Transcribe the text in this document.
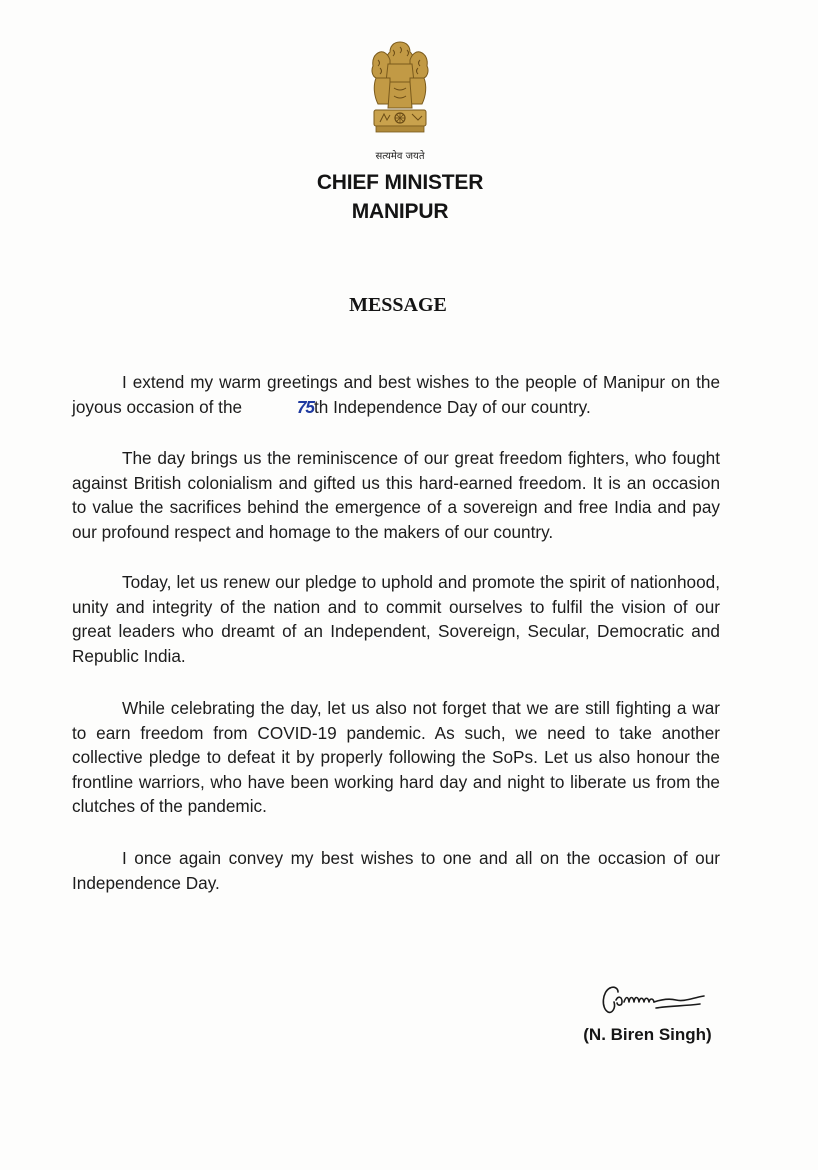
सत्यमेव जयते
CHIEF MINISTER
MANIPUR
MESSAGE

I extend my warm greetings and best wishes to the people of Manipur on the joyous occasion of the	75th Independence Day of our country.

The day brings us the reminiscence of our great freedom fighters, who fought against British colonialism and gifted us this hard-earned freedom. It is an occasion to value the sacrifices behind the emergence of a sovereign and free India and pay our profound respect and homage to the makers of our country.

Today, let us renew our pledge to uphold and promote the spirit of nationhood, unity and integrity of the nation and to commit ourselves to fulfil the vision of our great leaders who dreamt of an Independent, Sovereign, Secular, Democratic and Republic India.

While celebrating the day, let us also not forget that we are still fighting a war to earn freedom from COVID-19 pandemic. As such, we need to take another collective pledge to defeat it by properly following the SoPs. Let us also honour the frontline warriors, who have been working hard day and night to liberate us from the clutches of the pandemic.

I once again convey my best wishes to one and all on the occasion of our Independence Day.

(N. Biren Singh)
